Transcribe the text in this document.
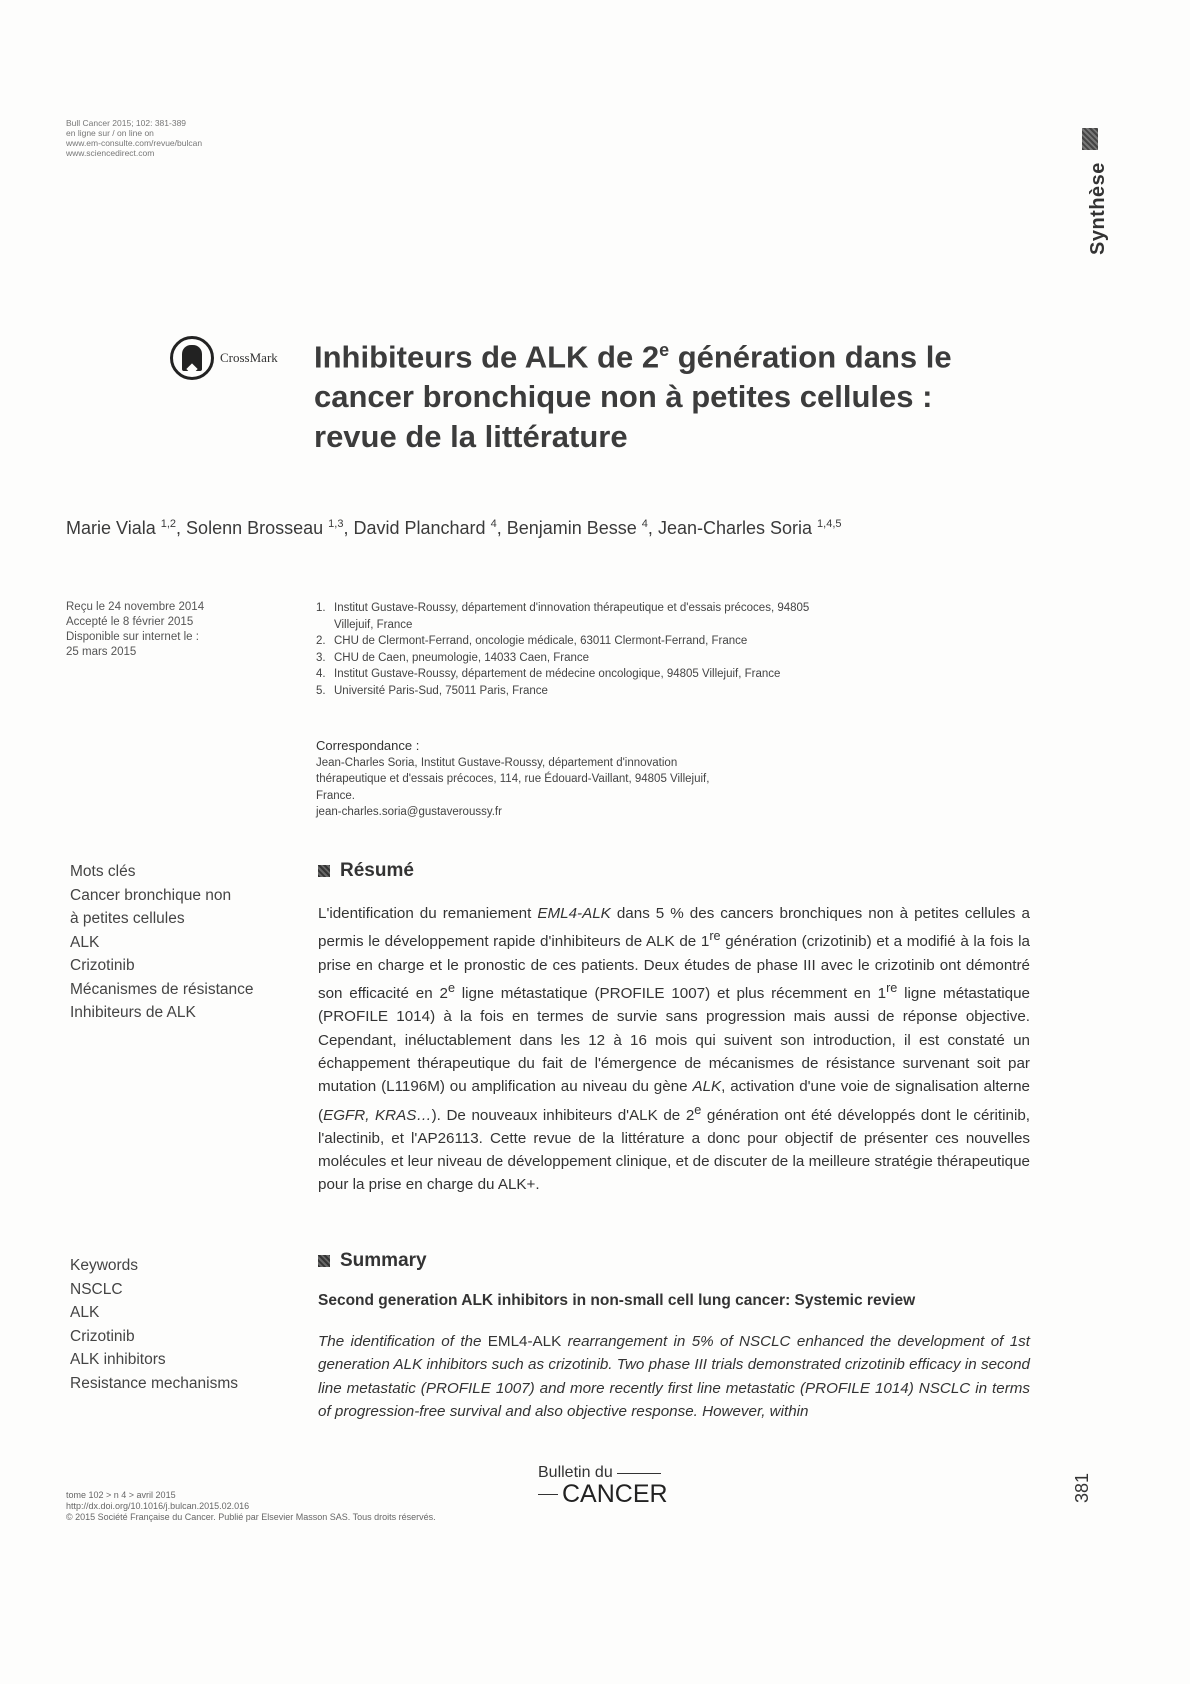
Bull Cancer 2015; 102: 381-389
en ligne sur / on line on
www.em-consulte.com/revue/bulcan
www.sciencedirect.com
Synthèse
CrossMark Inhibiteurs de ALK de 2e génération dans le cancer bronchique non à petites cellules : revue de la littérature
Marie Viala $^{1,2}$, Solenn Brosseau $^{1,3}$, David Planchard $^4$, Benjamin Besse $^4$, Jean-Charles Soria $^{1,4,5}$
Reçu le 24 novembre 2014
Accepté le 8 février 2015
Disponible sur internet le :
25 mars 2015
1. Institut Gustave-Roussy, département d'innovation thérapeutique et d'essais précoces, 94805 Villejuif, France
2. CHU de Clermont-Ferrand, oncologie médicale, 63011 Clermont-Ferrand, France
3. CHU de Caen, pneumologie, 14033 Caen, France
4. Institut Gustave-Roussy, département de médecine oncologique, 94805 Villejuif, France
5. Université Paris-Sud, 75011 Paris, France
Correspondance :
Jean-Charles Soria, Institut Gustave-Roussy, département d'innovation
thérapeutique et d'essais précoces, 114, rue Édouard-Vaillant, 94805 Villejuif,
France.
jean-charles.soria@gustaveroussy.fr
Mots clés
Cancer bronchique non
à petites cellules
ALK
Crizotinib
Mécanismes de résistance
Inhibiteurs de ALK
Résumé
L'identification du remaniement EML4-ALK dans 5 % des cancers bronchiques non à petites cellules a permis le développement rapide d'inhibiteurs de ALK de 1re génération (crizotinib) et a modifié à la fois la prise en charge et le pronostic de ces patients. Deux études de phase III avec le crizotinib ont démontré son efficacité en 2e ligne métastatique (PROFILE 1007) et plus récemment en 1re ligne métastatique (PROFILE 1014) à la fois en termes de survie sans progression mais aussi de réponse objective. Cependant, inéluctablement dans les 12 à 16 mois qui suivent son introduction, il est constaté un échappement thérapeutique du fait de l'émergence de mécanismes de résistance survenant soit par mutation (L1196M) ou amplification au niveau du gène ALK, activation d'une voie de signalisation alterne (EGFR, KRAS…). De nouveaux inhibiteurs d'ALK de 2e génération ont été développés dont le céritinib, l'alectinib, et l'AP26113. Cette revue de la littérature a donc pour objectif de présenter ces nouvelles molécules et leur niveau de développement clinique, et de discuter de la meilleure stratégie thérapeutique pour la prise en charge du ALK+.
Keywords
NSCLC
ALK
Crizotinib
ALK inhibitors
Resistance mechanisms
Summary
Second generation ALK inhibitors in non-small cell lung cancer: Systemic review
The identification of the EML4-ALK rearrangement in 5% of NSCLC enhanced the development of 1st generation ALK inhibitors such as crizotinib. Two phase III trials demonstrated crizotinib efficacy in second line metastatic (PROFILE 1007) and more recently first line metastatic (PROFILE 1014) NSCLC in terms of progression-free survival and also objective response. However, within
tome 102 > n 4 > avril 2015
http://dx.doi.org/10.1016/j.bulcan.2015.02.016
© 2015 Société Française du Cancer. Publié par Elsevier Masson SAS. Tous droits réservés.
Bulletin du
CANCER	381
